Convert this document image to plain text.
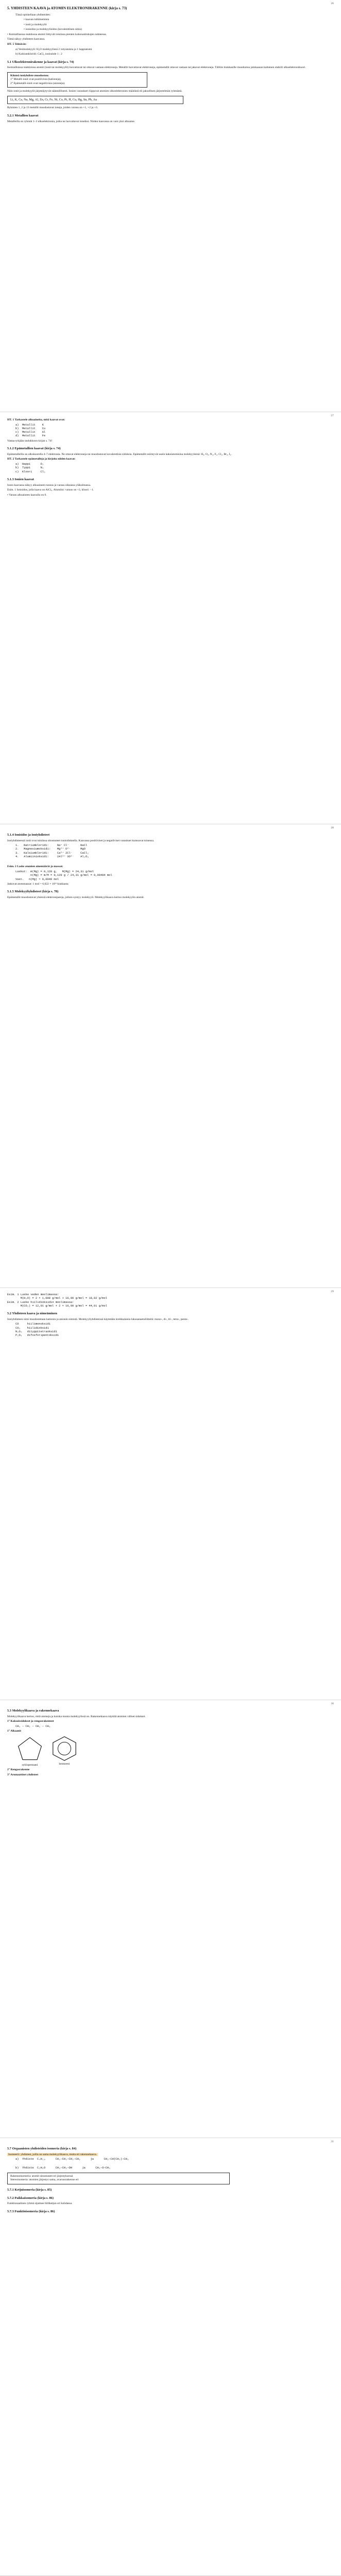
26
5. YHDISTEEN KAAVA ja ATOMIN ELEKTRONIRAKENNE (kirja s. 73)
Tässä opiskellaan yhdisteiden:
• kaavan tulkitsemista
• ionit ja molekyylit
• ionisidos ja molekyylisidos (kovalenttinen sidos)
• Kemiallisessa reaktiossa atomit liittyvät toisiinsa pienten kokonaislukujen suhteessa.
Tämä näkyy yhdisteen kaavassa.
HT. 5 Tehtävät:
a) Vesimolekyyli: H₂O molekyylissä 2 vetyatomia ja 1 happiatomi
b) Kalsiumkloridi: CaCl₂ ionisuhde 1 : 2
5.1 Ulkoelektronirakenne ja kaavat (kirja s. 74)
Kemiallisissa reaktioissa atomit (ionit tai molekyylit) luovuttavat tai ottavat vastaan elektroneja. Metallit luovuttavat elektroneja, epämetallit ottavat vastaan tai jakavat elektroneja. Tällöin hiukkasille muodostuu jalokaasun kaltainen stabiili ulkoelektronikuori.
Kiinteä ioniyhdiste muodostuu:
1° Metalli-ionit ovat positiivisia (kationeja),
2° Epämetalli-ionit ovat negatiivisia (anioneja).
Näin ionit ja molekyylit järjestäytyvät säännöllisesti. Ionien varaukset riippuvat atomien ulkoelektronien määrästä eli jaksollisen järjestelmän ryhmästä.
Li, K, Ca, Na, Mg, Al, Zn, Cr, Fe, Ni, Co, Pt, H, Cu, Hg, Sn, Pb, Au
Ryhmien 1, 2 ja 13 metallit muodostavat ioneja, joiden varaus on +1, +2 ja +3.
5.2.1 Metallien kaavat
Metalleilla on ryhmät 1–3 ulkoelektronia, jotka ne luovuttavat ioneiksi. Niiden kaavassa on vain yksi alkuaine.
27
HT. 1 Tarkastele alkuaineita, mitä kaavat ovat:
a)  Metallit    K
b)  Metallit    Cu
c)  Metallit    Al
d)  Metallit    Fe
Vastaa tyhjään taulukkoon kirjan s. 74!
5.1.2 Epämetallien kaavat (kirja s. 74)
Epämetalleilla on ulkokuorella 4–7 elektronia. Ne ottavat elektroneja tai muodostavat kovalenttisia sidoksia. Epämetallit esiintyvät usein kaksiatomisina molekyyleinä: H₂, O₂, N₂, F₂, Cl₂, Br₂, I₂.
HT. 2 Tarkastele epämetalleja ja kirjoita niiden kaavat:
a)  Happi      O₂
b)  Typpi      N₂
c)  Kloori     Cl₂
5.1.3 Ionien kaavat
Ionin kaavassa näkyy alkuaineen tunnus ja varaus oikeassa yläkulmassa.
Esim. 1 Ionisidos, jolla kaava on AlCl₃. Alumiini: varaus on +3, kloori: −1.
• Varaus alkuaineen kaavalla on 0.
28
5.1.4 Ionisidos ja ioniyhdisteet
Ioniyhdisteessä ionit ovat toisiinsa sitoutuneet ionisidoksella. Kaavassa positiiviset ja negatiiviset varaukset kumoavat toisensa.
1.   Natriumkloridi:     Na⁺ Cl⁻       NaCl
2.   Magnesiumoksidi:    Mg²⁺ O²⁻      MgO
3.   Kalsiumkloridi:     Ca²⁺ 2Cl⁻     CaCl₂
4.   Alumiinioksidi:     2Al³⁺ 3O²⁻    Al₂O₃
Esim. 2 Laske atomien ainemäärät ja massat:
Laskut:  m(Mg) = 0,120 g,   M(Mg) = 24,31 g/mol
n(Mg) = m/M = 0,120 g / 24,31 g/mol = 0,00494 mol
Vast.   n(Mg) ≈ 0,0049 mol
Jatkuvat atommassat: 1 mol = 6,022 × 10²³ hiukkasta
5.1.5 Molekyyliyhdisteet (kirja s. 78)
Epämetallit muodostavat yhteisiä elektronipareja, jolloin syntyy molekyyli. Molekyylikaava kertoo molekyylin atomit.
29
Esim. 1 Laske veden moolimassa:
M(H₂O) = 2 × 1,008 g/mol + 16,00 g/mol = 18,02 g/mol
Esim. 2 Laske hiilidioksidin moolimassa:
M(CO₂) = 12,01 g/mol + 2 × 16,00 g/mol = 44,01 g/mol
5.2 Yhdisteen kaava ja nimeäminen
Ioniyhdisteen nimi muodostetaan kationin ja anionin nimistä. Molekyyliyhdisteissä käytetään kreikkalaisia lukusanaetuliitteitä: mono-, di-, tri-, tetra-, penta-.
CO     hiilimonoksidi
CO₂    hiilidioksidi
N₂O₄   dityppitetraoksidi
P₂O₅   difosforipentoksidi
30
5.3 Molekyylikaava ja rakennekaava
Molekyylikaava kertoo, mitä atomeja ja kuinka monta molekyylissä on. Rakennekaava näyttää atomien väliset sidokset.
1° Kaksoissidokset ja rengasrakenteet
CH₃ – CH₂ – CH₂ – CH₃
1° Alkaanit
syklopentaani	bentseeni
2° Rengasrakenne
3° Aromaattiset yhdisteet
31
5.7 Orgaanisten yhdisteiden isomeria (kirja s. 84)
Isomeerit: yhdisteet, joilla on sama molekyylikaava, mutta eri rakennekaava.
a)  Yhdiste  C₄H₁₀      CH₃–CH₂–CH₂–CH₃      ja      CH₃–CH(CH₃)–CH₃
b)  Yhdiste  C₂H₆O      CH₃–CH₂–OH      ja      CH₃–O–CH₃
Rakenneisomeria: atomit sitoutuneet eri järjestyksessä
Stereoisomeria: atomien järjestys sama, avaruusrakenne eri
5.7.1 Ketjuisomeria (kirja s. 85)
5.7.2 Paikkaisomeria (kirja s. 86)
Funktionaalinen ryhmä sijaitsee hiiliketjun eri kohdassa.
5.7.3 Funktioisomeria (kirja s. 86)
